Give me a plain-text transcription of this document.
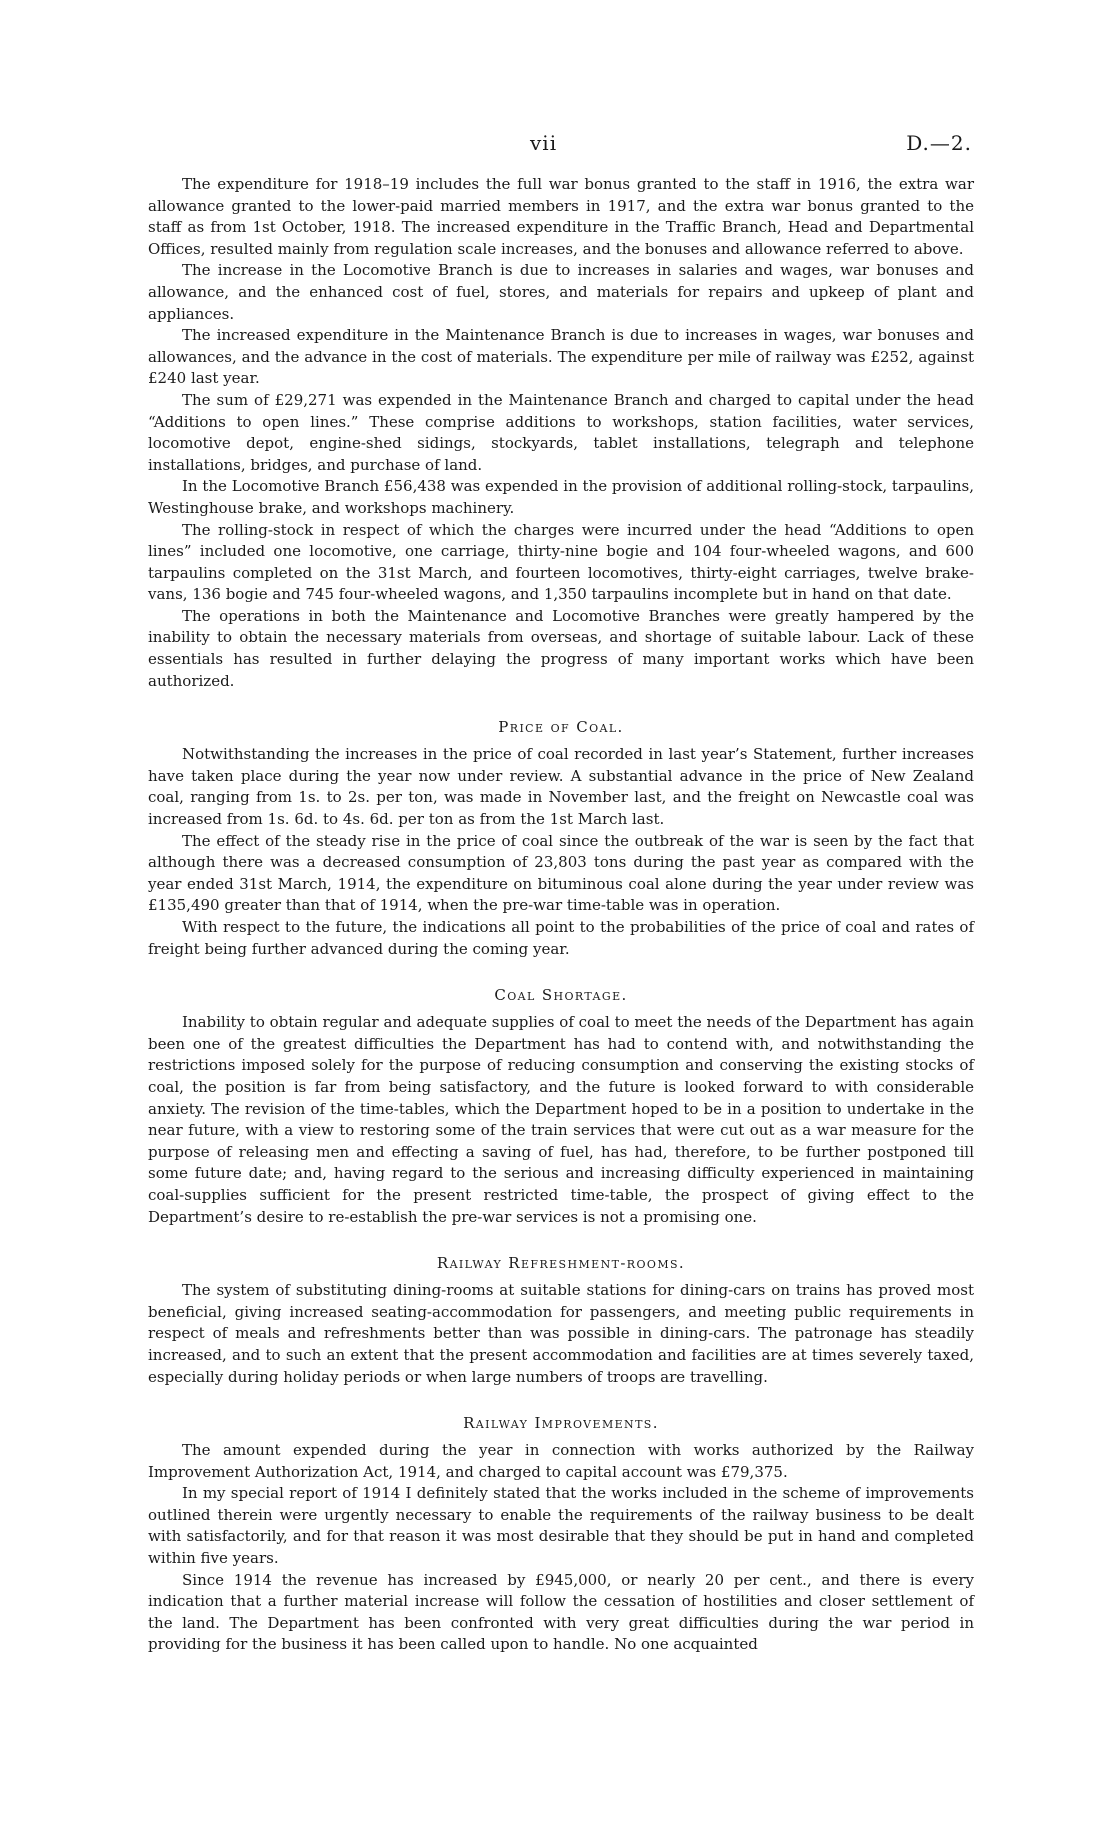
vii	D.—2.

The expenditure for 1918–19 includes the full war bonus granted to the staff in 1916, the extra war allowance granted to the lower-paid married members in 1917, and the extra war bonus granted to the staff as from 1st October, 1918. The increased expenditure in the Traffic Branch, Head and Departmental Offices, resulted mainly from regulation scale increases, and the bonuses and allowance referred to above.

The increase in the Locomotive Branch is due to increases in salaries and wages, war bonuses and allowance, and the enhanced cost of fuel, stores, and materials for repairs and upkeep of plant and appliances.

The increased expenditure in the Maintenance Branch is due to increases in wages, war bonuses and allowances, and the advance in the cost of materials. The expenditure per mile of railway was £252, against £240 last year.

The sum of £29,271 was expended in the Maintenance Branch and charged to capital under the head “Additions to open lines.” These comprise additions to workshops, station facilities, water services, locomotive depot, engine-shed sidings, stockyards, tablet installations, telegraph and telephone installations, bridges, and purchase of land.

In the Locomotive Branch £56,438 was expended in the provision of additional rolling-stock, tarpaulins, Westinghouse brake, and workshops machinery.

The rolling-stock in respect of which the charges were incurred under the head “Additions to open lines” included one locomotive, one carriage, thirty-nine bogie and 104 four-wheeled wagons, and 600 tarpaulins completed on the 31st March, and fourteen locomotives, thirty-eight carriages, twelve brake-vans, 136 bogie and 745 four-wheeled wagons, and 1,350 tarpaulins incomplete but in hand on that date.

The operations in both the Maintenance and Locomotive Branches were greatly hampered by the inability to obtain the necessary materials from overseas, and shortage of suitable labour. Lack of these essentials has resulted in further delaying the progress of many important works which have been authorized.

Price of Coal.

Notwithstanding the increases in the price of coal recorded in last year’s Statement, further increases have taken place during the year now under review. A substantial advance in the price of New Zealand coal, ranging from 1s. to 2s. per ton, was made in November last, and the freight on Newcastle coal was increased from 1s. 6d. to 4s. 6d. per ton as from the 1st March last.

The effect of the steady rise in the price of coal since the outbreak of the war is seen by the fact that although there was a decreased consumption of 23,803 tons during the past year as compared with the year ended 31st March, 1914, the expenditure on bituminous coal alone during the year under review was £135,490 greater than that of 1914, when the pre-war time-table was in operation.

With respect to the future, the indications all point to the probabilities of the price of coal and rates of freight being further advanced during the coming year.

Coal Shortage.

Inability to obtain regular and adequate supplies of coal to meet the needs of the Department has again been one of the greatest difficulties the Department has had to contend with, and notwithstanding the restrictions imposed solely for the purpose of reducing consumption and conserving the existing stocks of coal, the position is far from being satisfactory, and the future is looked forward to with considerable anxiety. The revision of the time-tables, which the Department hoped to be in a position to undertake in the near future, with a view to restoring some of the train services that were cut out as a war measure for the purpose of releasing men and effecting a saving of fuel, has had, therefore, to be further postponed till some future date; and, having regard to the serious and increasing difficulty experienced in maintaining coal-supplies sufficient for the present restricted time-table, the prospect of giving effect to the Department’s desire to re-establish the pre-war services is not a promising one.

Railway Refreshment-rooms.

The system of substituting dining-rooms at suitable stations for dining-cars on trains has proved most beneficial, giving increased seating-accommodation for passengers, and meeting public requirements in respect of meals and refreshments better than was possible in dining-cars. The patronage has steadily increased, and to such an extent that the present accommodation and facilities are at times severely taxed, especially during holiday periods or when large numbers of troops are travelling.

Railway Improvements.

The amount expended during the year in connection with works authorized by the Railway Improvement Authorization Act, 1914, and charged to capital account was £79,375.

In my special report of 1914 I definitely stated that the works included in the scheme of improvements outlined therein were urgently necessary to enable the requirements of the railway business to be dealt with satisfactorily, and for that reason it was most desirable that they should be put in hand and completed within five years.

Since 1914 the revenue has increased by £945,000, or nearly 20 per cent., and there is every indication that a further material increase will follow the cessation of hostilities and closer settlement of the land. The Department has been confronted with very great difficulties during the war period in providing for the business it has been called upon to handle. No one acquainted
